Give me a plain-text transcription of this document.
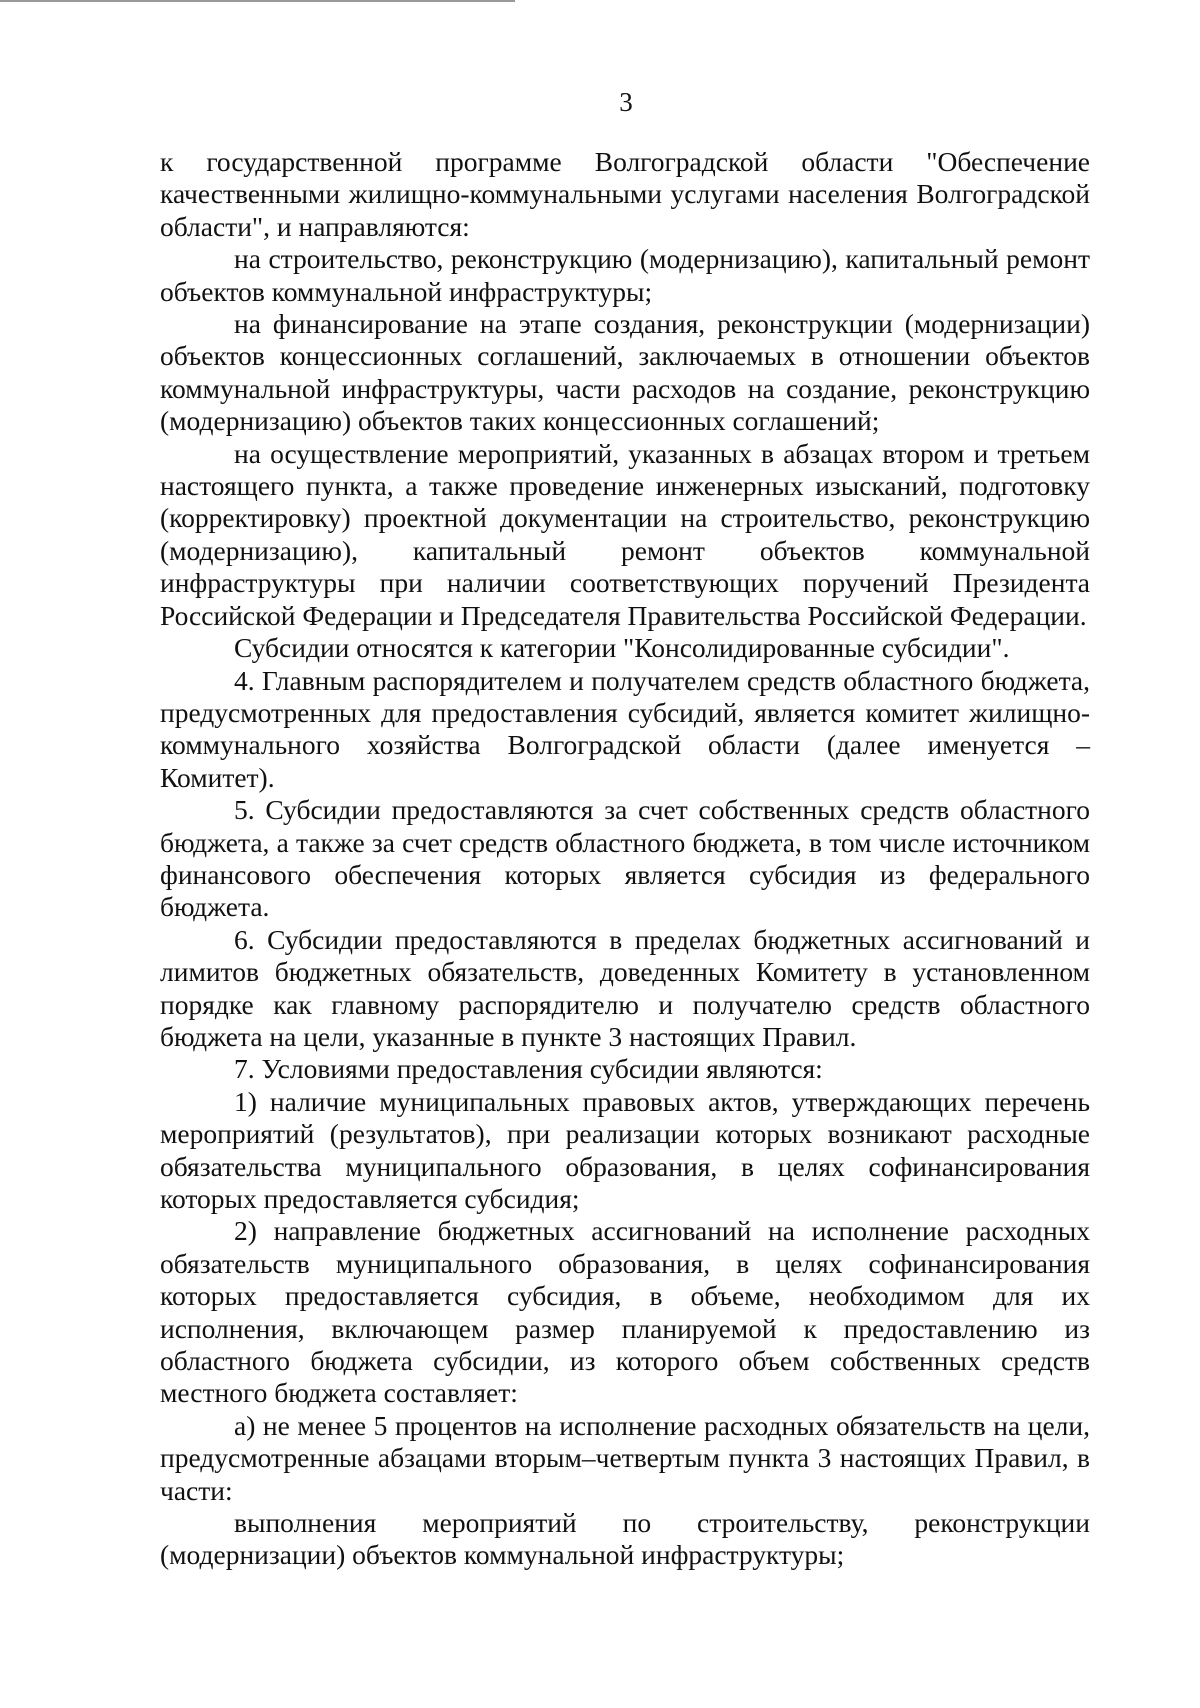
3

к государственной программе Волгоградской области "Обеспечение качественными жилищно-коммунальными услугами населения Волгоградской области", и направляются:

на строительство, реконструкцию (модернизацию), капитальный ремонт объектов коммунальной инфраструктуры;

на финансирование на этапе создания, реконструкции (модернизации) объектов концессионных соглашений, заключаемых в отношении объектов коммунальной инфраструктуры, части расходов на создание, реконструкцию (модернизацию) объектов таких концессионных соглашений;

на осуществление мероприятий, указанных в абзацах втором и третьем настоящего пункта, а также проведение инженерных изысканий, подготовку (корректировку) проектной документации на строительство, реконструкцию (модернизацию), капитальный ремонт объектов коммунальной инфраструктуры при наличии соответствующих поручений Президента Российской Федерации и Председателя Правительства Российской Федерации.

Субсидии относятся к категории "Консолидированные субсидии".

4. Главным распорядителем и получателем средств областного бюджета, предусмотренных для предоставления субсидий, является комитет жилищно-коммунального хозяйства Волгоградской области (далее именуется – Комитет).

5. Субсидии предоставляются за счет собственных средств областного бюджета, а также за счет средств областного бюджета, в том числе источником финансового обеспечения которых является субсидия из федерального бюджета.

6. Субсидии предоставляются в пределах бюджетных ассигнований и лимитов бюджетных обязательств, доведенных Комитету в установленном порядке как главному распорядителю и получателю средств областного бюджета на цели, указанные в пункте 3 настоящих Правил.

7. Условиями предоставления субсидии являются:

1) наличие муниципальных правовых актов, утверждающих перечень мероприятий (результатов), при реализации которых возникают расходные обязательства муниципального образования, в целях софинансирования которых предоставляется субсидия;

2) направление бюджетных ассигнований на исполнение расходных обязательств муниципального образования, в целях софинансирования которых предоставляется субсидия, в объеме, необходимом для их исполнения, включающем размер планируемой к предоставлению из областного бюджета субсидии, из которого объем собственных средств местного бюджета составляет:

а) не менее 5 процентов на исполнение расходных обязательств на цели, предусмотренные абзацами вторым–четвертым пункта 3 настоящих Правил, в части:

выполнения мероприятий по строительству, реконструкции (модернизации) объектов коммунальной инфраструктуры;
